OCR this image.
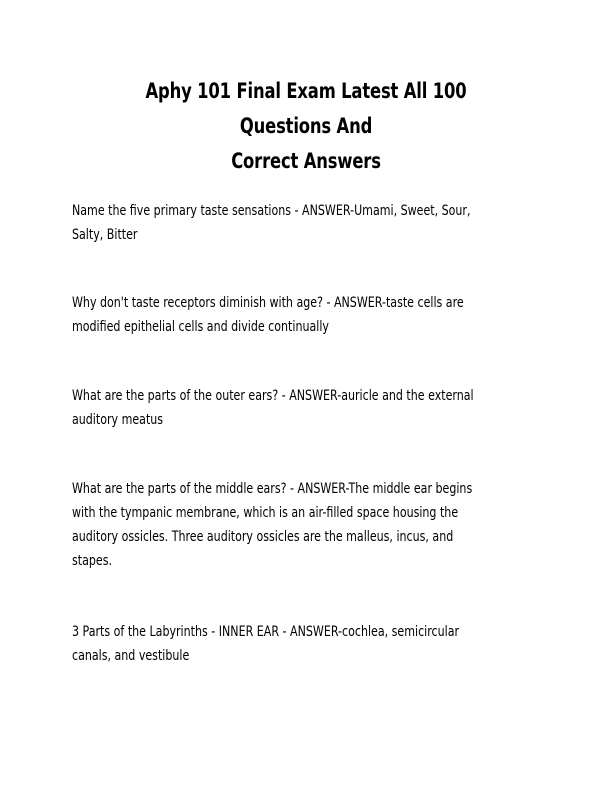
Aphy 101 Final Exam Latest All 100 Questions And
Correct Answers

Name the five primary taste sensations - ANSWER-Umami, Sweet, Sour,
Salty, Bitter

Why don't taste receptors diminish with age? - ANSWER-taste cells are
modified epithelial cells and divide continually

What are the parts of the outer ears? - ANSWER-auricle and the external
auditory meatus

What are the parts of the middle ears? - ANSWER-The middle ear begins
with the tympanic membrane, which is an air-filled space housing the
auditory ossicles. Three auditory ossicles are the malleus, incus, and
stapes.

3 Parts of the Labyrinths - INNER EAR - ANSWER-cochlea, semicircular
canals, and vestibule
